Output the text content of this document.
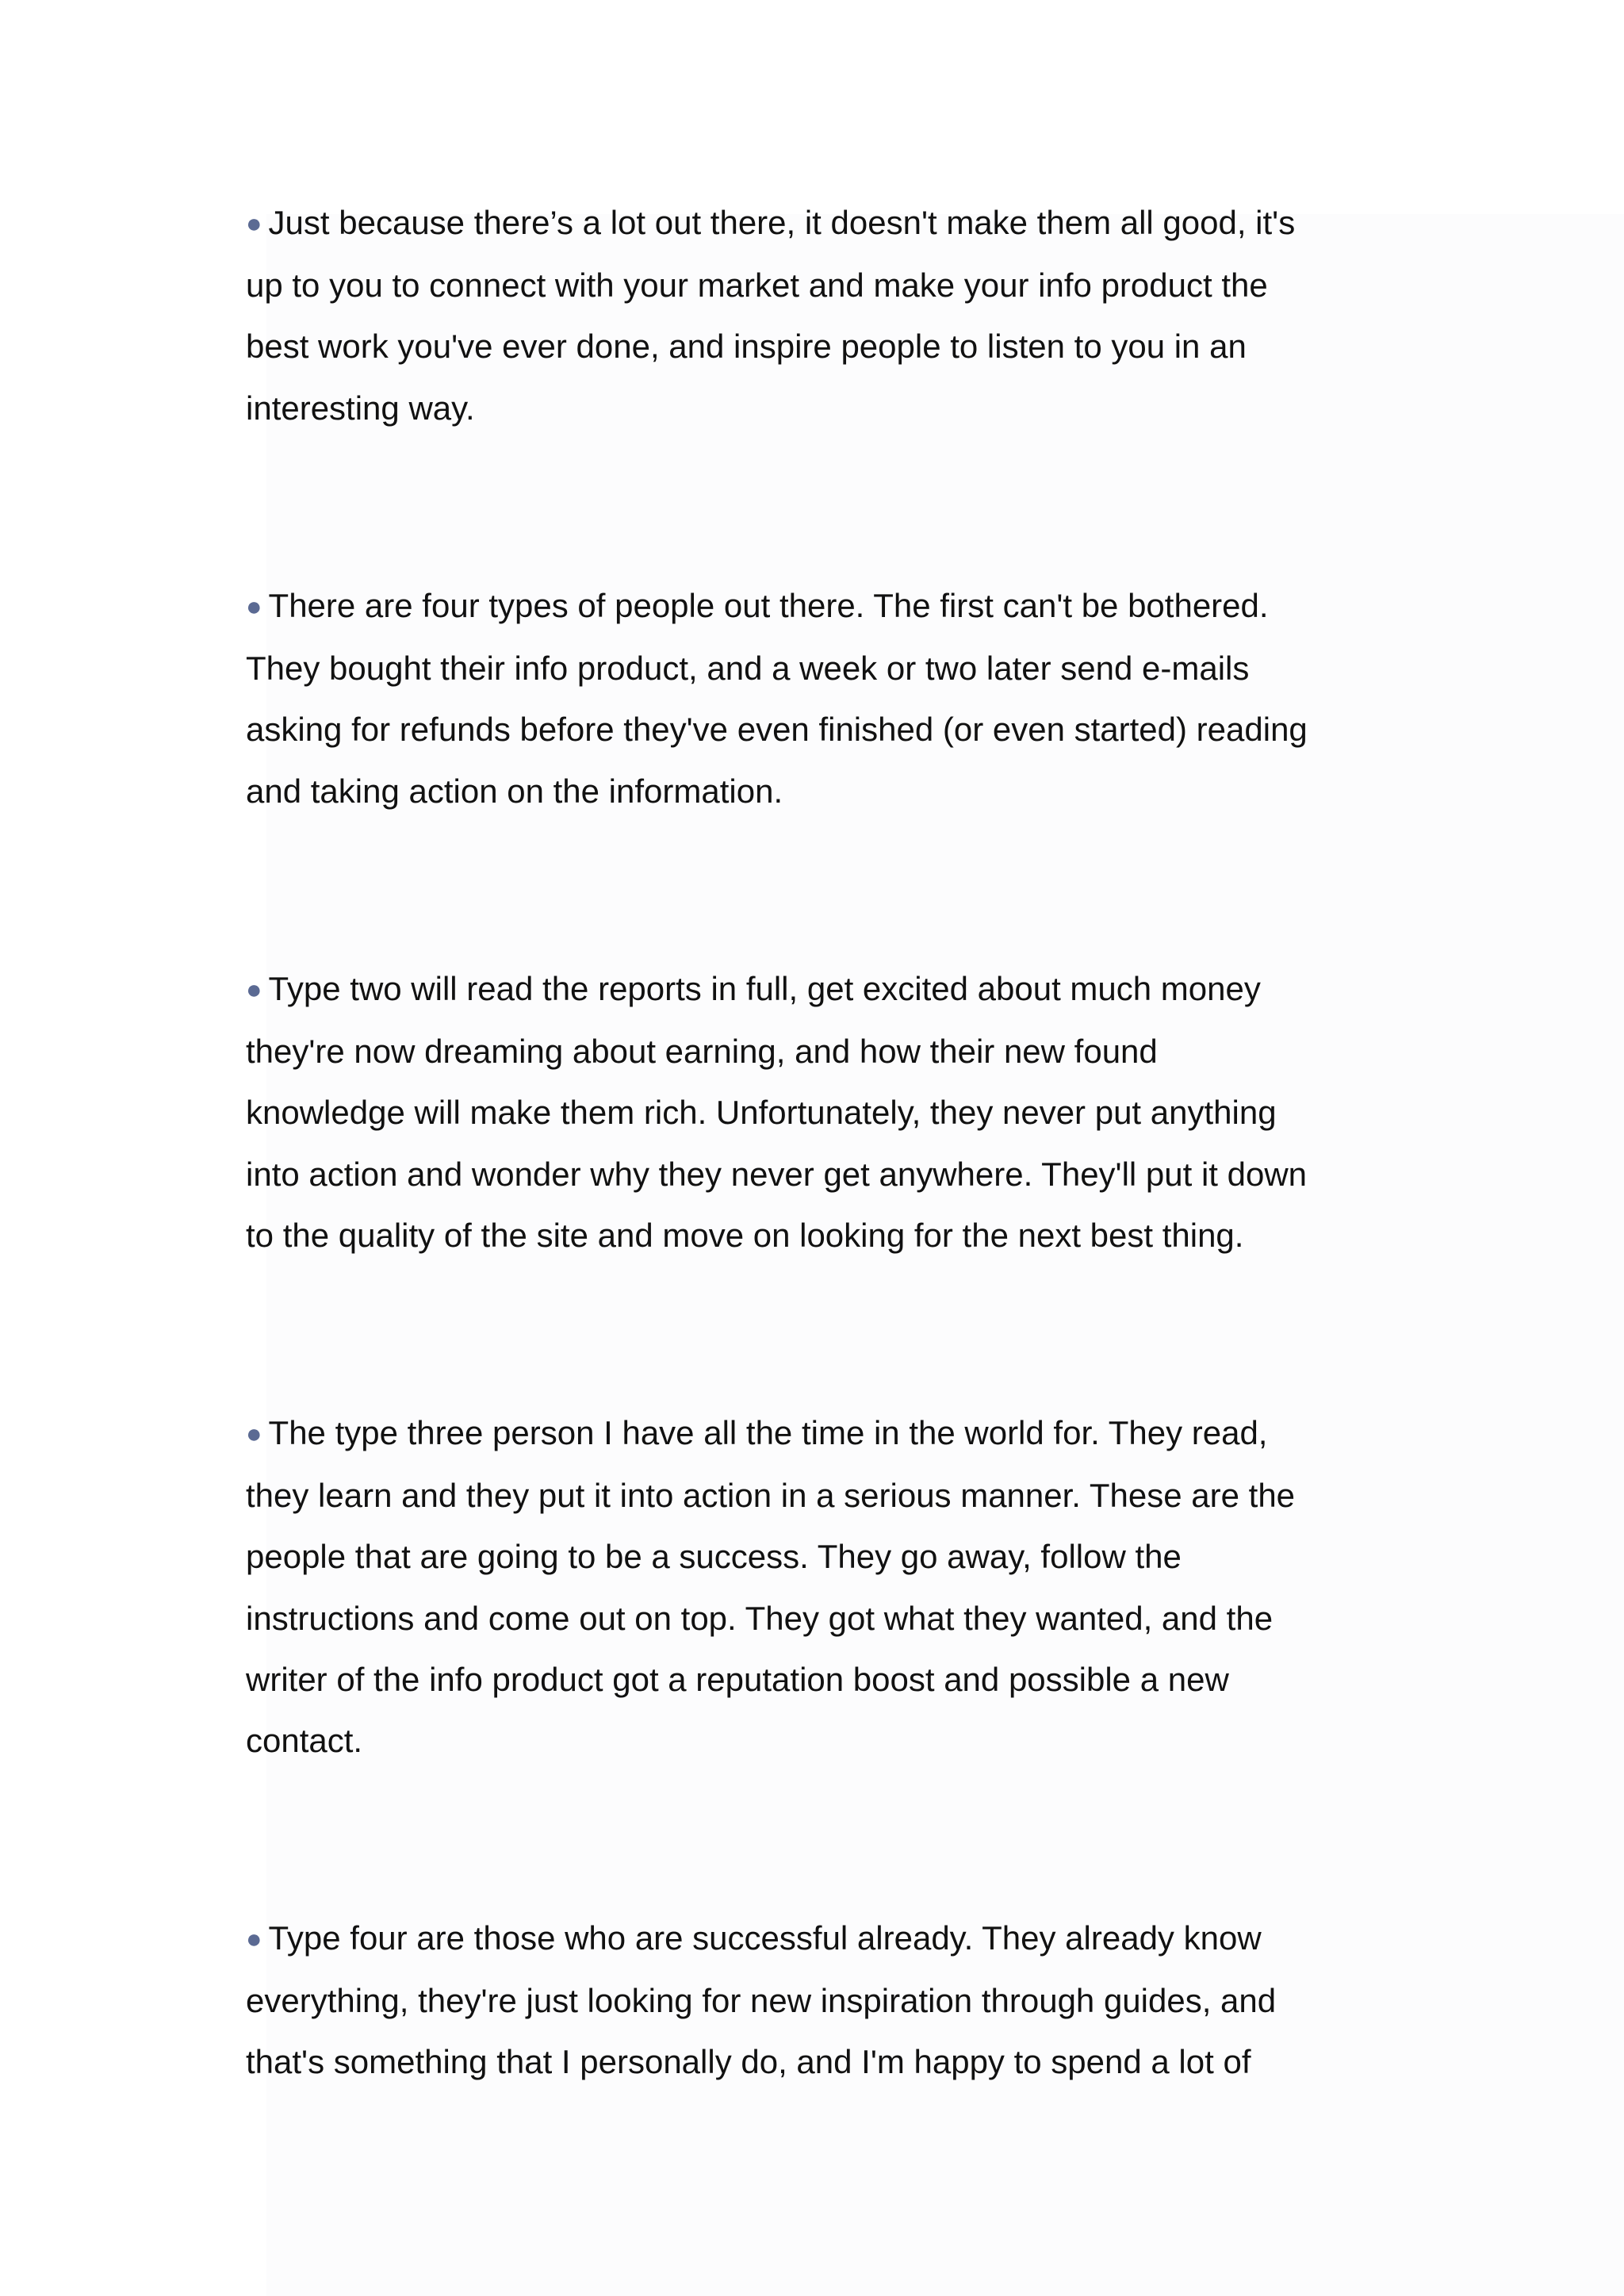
● Just because there’s a lot out there, it doesn't make them all good, it's
up to you to connect with your market and make your info product the
best work you've ever done, and inspire people to listen to you in an
interesting way.

● There are four types of people out there. The first can't be bothered.
They bought their info product, and a week or two later send e-mails
asking for refunds before they've even finished (or even started) reading
and taking action on the information.

● Type two will read the reports in full, get excited about much money
they're now dreaming about earning, and how their new found
knowledge will make them rich. Unfortunately, they never put anything
into action and wonder why they never get anywhere. They'll put it down
to the quality of the site and move on looking for the next best thing.

● The type three person I have all the time in the world for. They read,
they learn and they put it into action in a serious manner. These are the
people that are going to be a success. They go away, follow the
instructions and come out on top. They got what they wanted, and the
writer of the info product got a reputation boost and possible a new
contact.

● Type four are those who are successful already. They already know
everything, they're just looking for new inspiration through guides, and
that's something that I personally do, and I'm happy to spend a lot of
